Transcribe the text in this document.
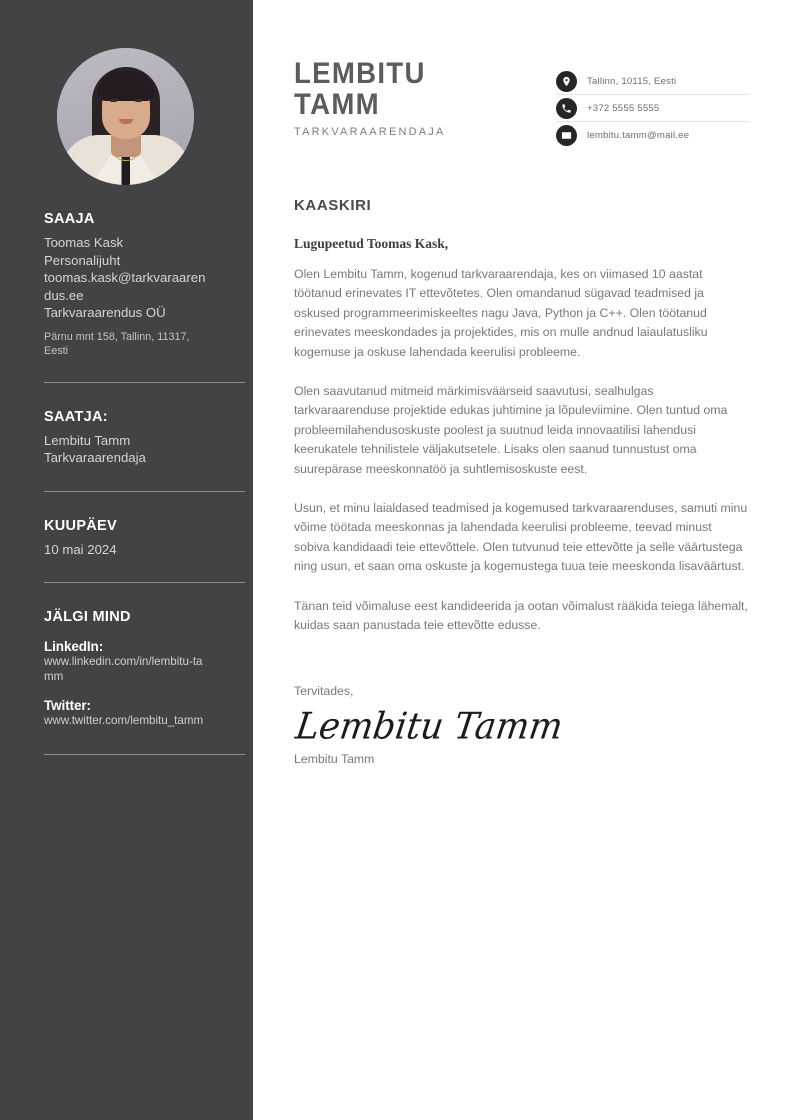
SAAJA
Toomas Kask
Personalijuht
toomas.kask@tarkvaraarendus.ee
Tarkvaraarendus OÜ
Pärnu mnt 158, Tallinn, 11317, Eesti
SAATJA:
Lembitu Tamm
Tarkvaraarendaja
KUUPÄEV
10 mai 2024
JÄLGI MIND
LinkedIn:
www.linkedin.com/in/lembitu-tamm
Twitter:
www.twitter.com/lembitu_tamm
LEMBITU
TAMM
TARKVARAARENDAJA
Tallinn, 10115, Eesti
+372 5555 5555
lembitu.tamm@mail.ee
KAASKIRI
Lugupeetud Toomas Kask,

Olen Lembitu Tamm, kogenud tarkvaraarendaja, kes on viimased 10 aastat töötanud erinevates IT ettevõtetes. Olen omandanud sügavad teadmised ja oskused programmeerimiskeeltes nagu Java, Python ja C++. Olen töötanud erinevates meeskondades ja projektides, mis on mulle andnud laiaulatusliku kogemuse ja oskuse lahendada keerulisi probleeme.

Olen saavutanud mitmeid märkimisväärseid saavutusi, sealhulgas tarkvaraarenduse projektide edukas juhtimine ja lõpuleviimine. Olen tuntud oma probleemilahendusoskuste poolest ja suutnud leida innovaatilisi lahendusi keerukatele tehnilistele väljakutsetele. Lisaks olen saanud tunnustust oma suurepärase meeskonnatöö ja suhtlemisoskuste eest.

Usun, et minu laialdased teadmised ja kogemused tarkvaraarenduses, samuti minu võime töötada meeskonnas ja lahendada keerulisi probleeme, teevad minust sobiva kandidaadi teie ettevõttele. Olen tutvunud teie ettevõtte ja selle väärtustega ning usun, et saan oma oskuste ja kogemustega tuua teie meeskonda lisaväärtust.

Tänan teid võimaluse eest kandideerida ja ootan võimalust rääkida teiega lähemalt, kuidas saan panustada teie ettevõtte edusse.

Tervitades,
Lembitu Tamm
Lembitu Tamm
